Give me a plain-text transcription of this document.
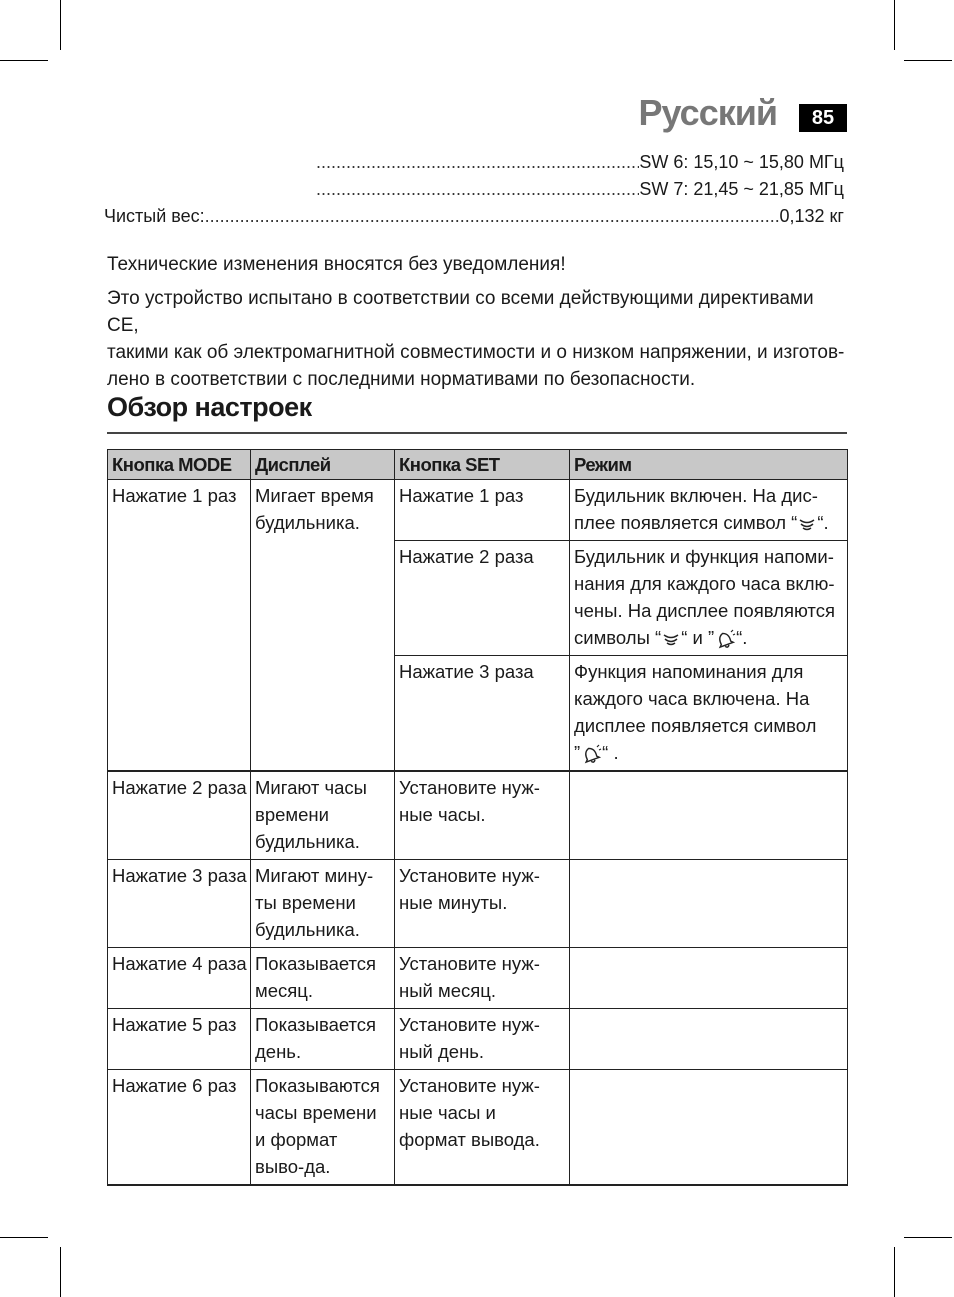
Русский	85
.....
SW 6: 15,10 ~ 15,80 МГц
.....
SW 7: 21,45 ~ 21,85 МГц
Чистый вес: .....	0,132 кг
Технические изменения вносятся без уведомления!
Это устройство испытано в соответствии со всеми действующими директивами CE,
такими как об электромагнитной совместимости и о низком напряжении, и изготов-
лено в соответствии с последними нормативами по безопасности.
Обзор настроек
Кнопка MODE	Дисплей	Кнопка SET	Режим
Нажатие 1 раз	Мигает время будильника.	Нажатие 1 раз	Будильник включен. На дис-
плее появляется символ “ “.

		Нажатие 2 раза	Будильник и функция напоми-
нания для каждого часа вклю-
чены. На дисплее появляются
символы “ “ и ” “.

		Нажатие 3 раза	Функция напоминания для
каждого часа включена. На
дисплее появляется символ
” “ .

Нажатие 2 раза	Мигают часы времени будильника.	Установите нуж-ные часы.	
Нажатие 3 раза	Мигают мину-ты времени будильника.	Установите нуж-ные минуты.	
Нажатие 4 раза	Показывается месяц.	Установите нуж-ный месяц.	
Нажатие 5 раз	Показывается день.	Установите нуж-ный день.	
Нажатие 6 раз	Показываются часы времени и формат выво-да.	Установите нуж-ные часы и формат вывода.	
